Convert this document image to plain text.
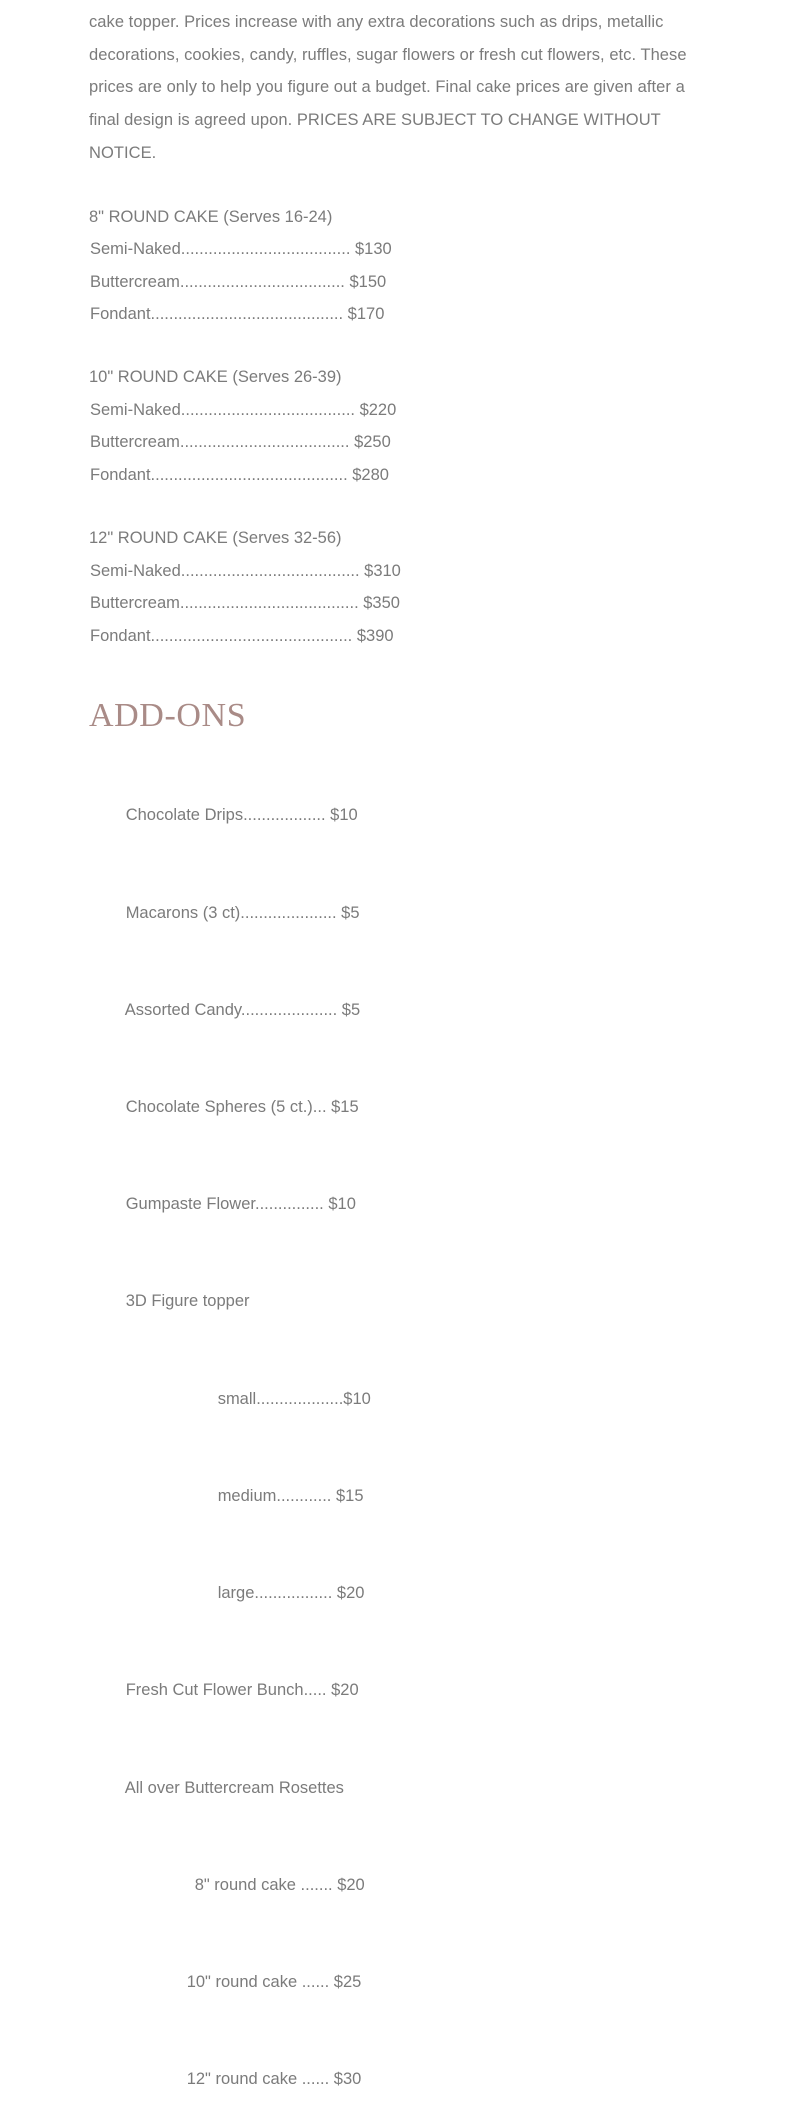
cake topper. Prices increase with any extra decorations such as drips, metallic decorations, cookies, candy, ruffles, sugar flowers or fresh cut flowers, etc. These prices are only to help you figure out a budget. Final cake prices are given after a final design is agreed upon. PRICES ARE SUBJECT TO CHANGE WITHOUT NOTICE.

8" ROUND CAKE (Serves 16-24)
Semi-Naked..................................... $130
Buttercream.................................... $150
Fondant.......................................... $170
10" ROUND CAKE (Serves 26-39)
Semi-Naked...................................... $220
Buttercream..................................... $250
Fondant........................................... $280
12" ROUND CAKE (Serves 32-56)
Semi-Naked....................................... $310
Buttercream....................................... $350
Fondant............................................ $390
ADD-ONS

Chocolate Drips.................. $10

Macarons (3 ct)..................... $5

Assorted Candy..................... $5

Chocolate Spheres (5 ct.)... $15

Gumpaste Flower............... $10

3D Figure topper

small...................$10

medium............ $15

large................. $20

Fresh Cut Flower Bunch..... $20

All over Buttercream Rosettes

8" round cake ....... $20

10" round cake ...... $25

12" round cake ...... $30
